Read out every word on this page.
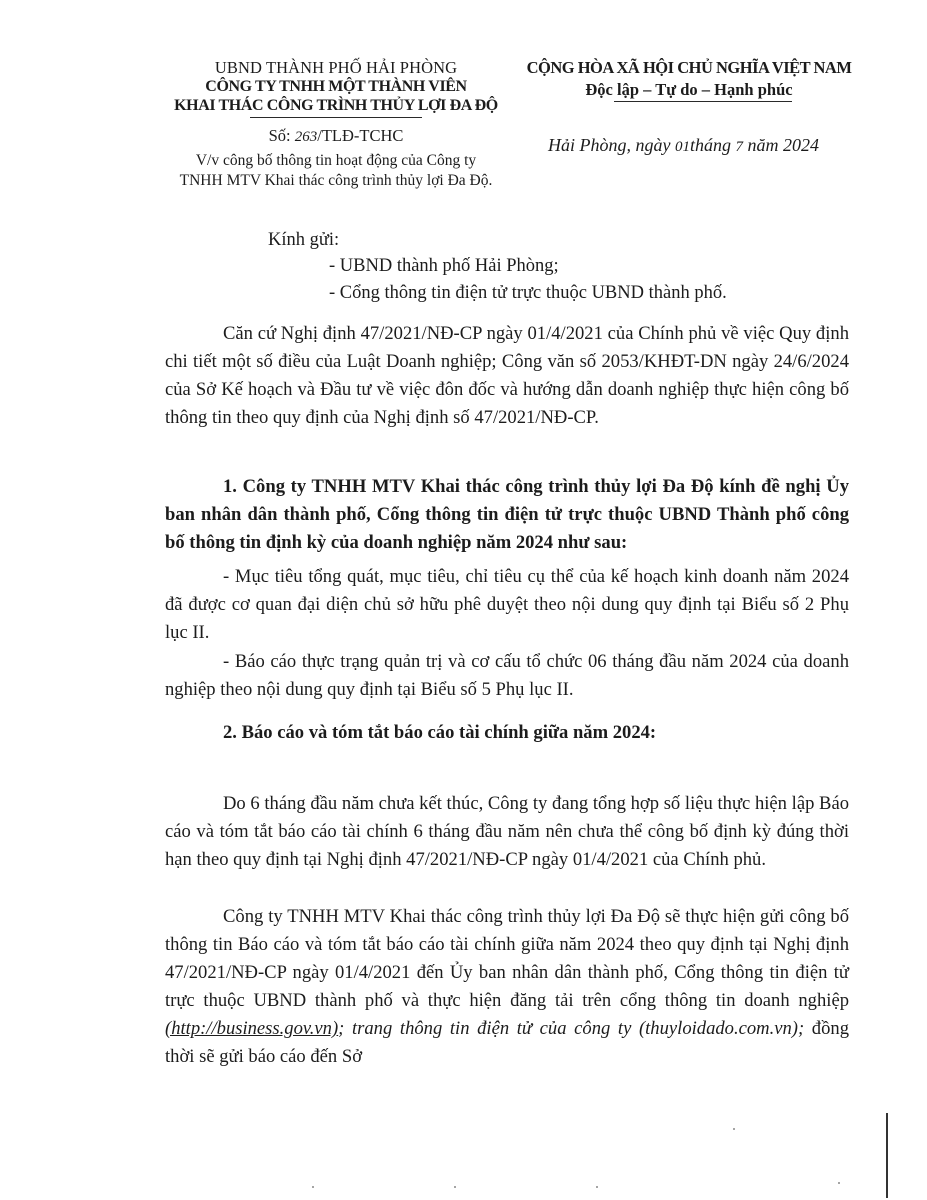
UBND THÀNH PHỐ HẢI PHÒNG
CÔNG TY TNHH MỘT THÀNH VIÊN
KHAI THÁC CÔNG TRÌNH THỦY LỢI ĐA ĐỘ
Số: 263/TLĐ-TCHC
V/v công bố thông tin hoạt động của Công ty
TNHH MTV Khai thác công trình thủy lợi Đa Độ.
CỘNG HÒA XÃ HỘI CHỦ NGHĨA VIỆT NAM
Độc lập – Tự do – Hạnh phúc
Hải Phòng, ngày 01tháng 7 năm 2024
Kính gửi:
- UBND thành phố Hải Phòng;
- Cổng thông tin điện tử trực thuộc UBND thành phố.

Căn cứ Nghị định 47/2021/NĐ-CP ngày 01/4/2021 của Chính phủ về việc Quy định chi tiết một số điều của Luật Doanh nghiệp; Công văn số 2053/KHĐT-DN ngày 24/6/2024 của Sở Kế hoạch và Đầu tư về việc đôn đốc và hướng dẫn doanh nghiệp thực hiện công bố thông tin theo quy định của Nghị định số 47/2021/NĐ-CP.

1. Công ty TNHH MTV Khai thác công trình thủy lợi Đa Độ kính đề nghị Ủy ban nhân dân thành phố, Cổng thông tin điện tử trực thuộc UBND Thành phố công bố thông tin định kỳ của doanh nghiệp năm 2024 như sau:

- Mục tiêu tổng quát, mục tiêu, chỉ tiêu cụ thể của kế hoạch kinh doanh năm 2024 đã được cơ quan đại diện chủ sở hữu phê duyệt theo nội dung quy định tại Biểu số 2 Phụ lục II.

- Báo cáo thực trạng quản trị và cơ cấu tổ chức 06 tháng đầu năm 2024 của doanh nghiệp theo nội dung quy định tại Biểu số 5 Phụ lục II.

2. Báo cáo và tóm tắt báo cáo tài chính giữa năm 2024:

Do 6 tháng đầu năm chưa kết thúc, Công ty đang tổng hợp số liệu thực hiện lập Báo cáo và tóm tắt báo cáo tài chính 6 tháng đầu năm nên chưa thể công bố định kỳ đúng thời hạn theo quy định tại Nghị định 47/2021/NĐ-CP ngày 01/4/2021 của Chính phủ.

Công ty TNHH MTV Khai thác công trình thủy lợi Đa Độ sẽ thực hiện gửi công bố thông tin Báo cáo và tóm tắt báo cáo tài chính giữa năm 2024 theo quy định tại Nghị định 47/2021/NĐ-CP ngày 01/4/2021 đến Ủy ban nhân dân thành phố, Cổng thông tin điện tử trực thuộc UBND thành phố và thực hiện đăng tải trên cổng thông tin doanh nghiệp (http://business.gov.vn); trang thông tin điện tử của công ty (thuyloidado.com.vn); đồng thời sẽ gửi báo cáo đến Sở
